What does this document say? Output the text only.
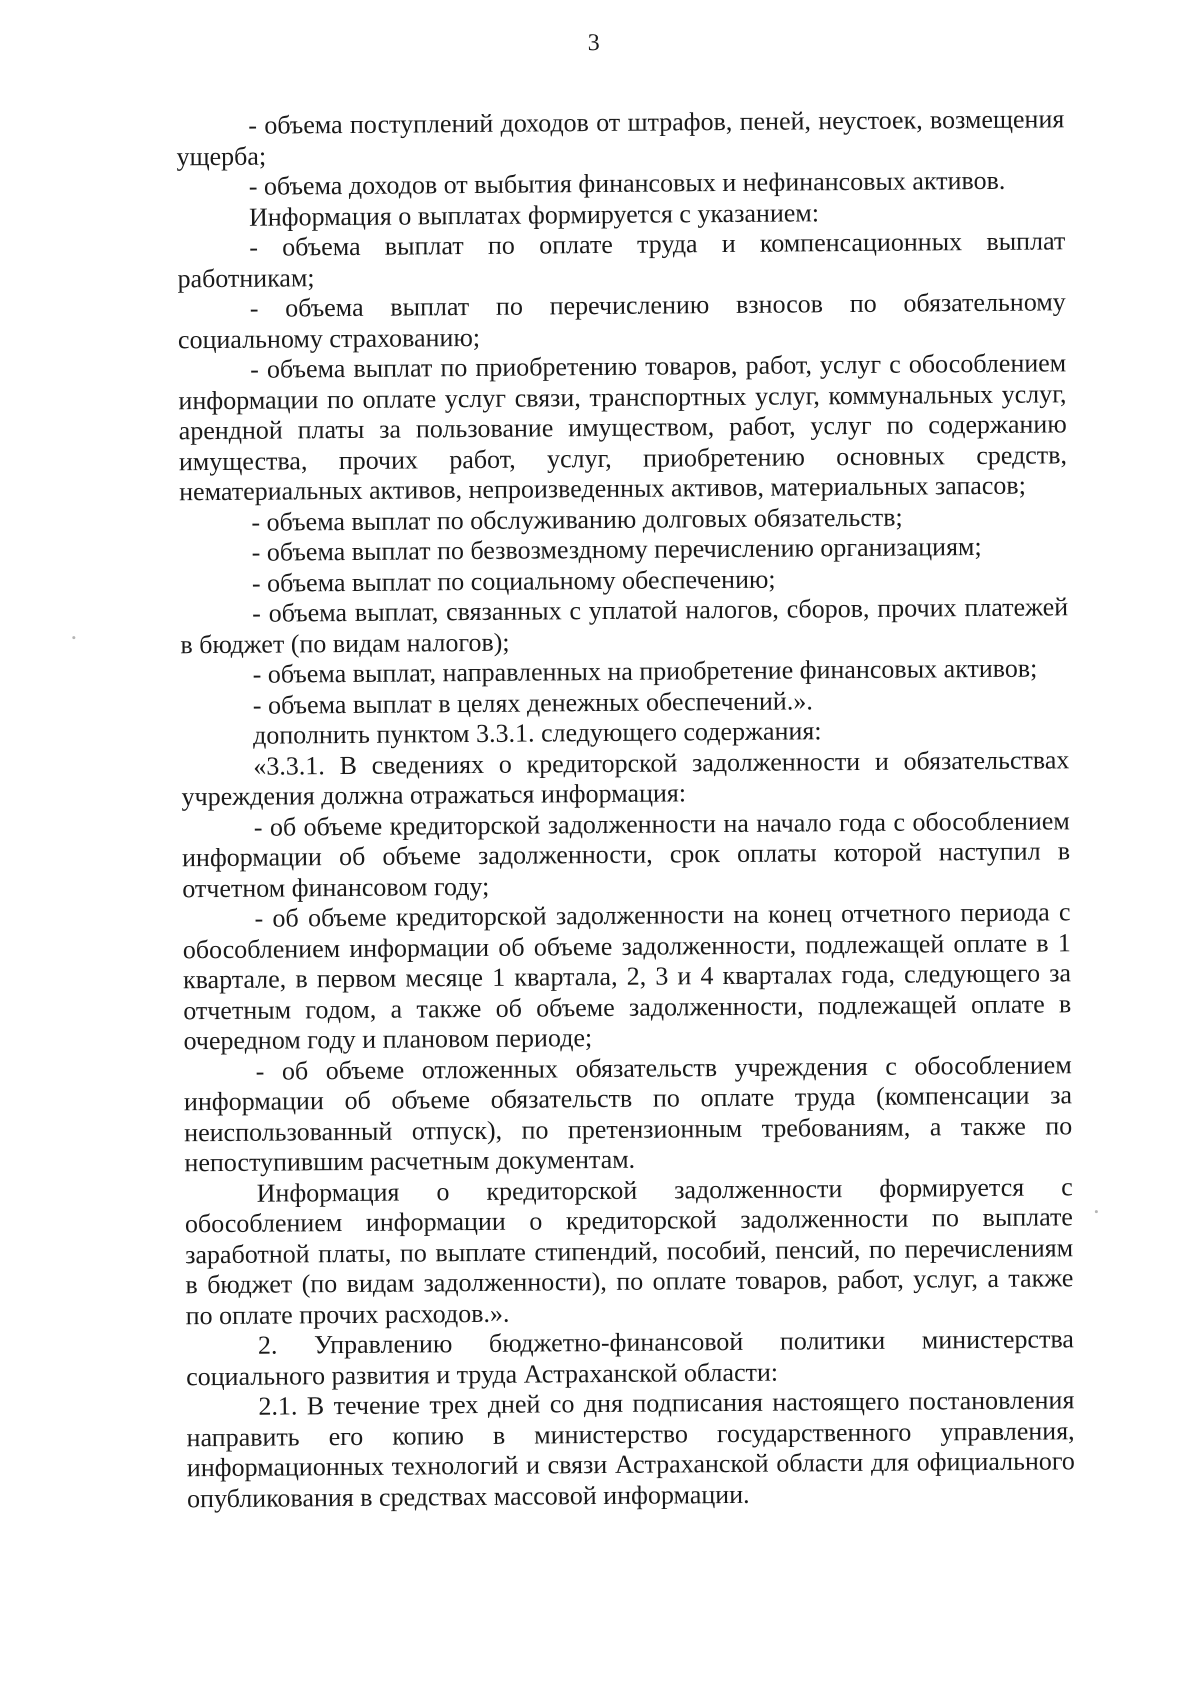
3

- объема поступлений доходов от штрафов, пеней, неустоек, возмещения ущерба;

- объема доходов от выбытия финансовых и нефинансовых активов.

Информация о выплатах формируется с указанием:

- объема выплат по оплате труда и компенсационных выплат работникам;

- объема выплат по перечислению взносов по обязательному социальному страхованию;

- объема выплат по приобретению товаров, работ, услуг с обособлением информации по оплате услуг связи, транспортных услуг, коммунальных услуг, арендной платы за пользование имуществом, работ, услуг по содержанию имущества, прочих работ, услуг, приобретению основных средств, нематериальных активов, непроизведенных активов, материальных запасов;

- объема выплат по обслуживанию долговых обязательств;

- объема выплат по безвозмездному перечислению организациям;

- объема выплат по социальному обеспечению;

- объема выплат, связанных с уплатой налогов, сборов, прочих платежей в бюджет (по видам налогов);

- объема выплат, направленных на приобретение финансовых активов;

- объема выплат в целях денежных обеспечений.».

дополнить пунктом 3.3.1. следующего содержания:

«3.3.1. В сведениях о кредиторской задолженности и обязательствах учреждения должна отражаться информация:

- об объеме кредиторской задолженности на начало года с обособлением информации об объеме задолженности, срок оплаты которой наступил в отчетном финансовом году;

- об объеме кредиторской задолженности на конец отчетного периода с обособлением информации об объеме задолженности, подлежащей оплате в 1 квартале, в первом месяце 1 квартала, 2, 3 и 4 кварталах года, следующего за отчетным годом, а также об объеме задолженности, подлежащей оплате в очередном году и плановом периоде;

- об объеме отложенных обязательств учреждения с обособлением информации об объеме обязательств по оплате труда (компенсации за неиспользованный отпуск), по претензионным требованиям, а также по непоступившим расчетным документам.

Информация о кредиторской задолженности формируется с обособлением информации о кредиторской задолженности по выплате заработной платы, по выплате стипендий, пособий, пенсий, по перечислениям в бюджет (по видам задолженности), по оплате товаров, работ, услуг, а также по оплате прочих расходов.».

2. Управлению бюджетно-финансовой политики министерства социального развития и труда Астраханской области:

2.1. В течение трех дней со дня подписания настоящего постановления направить его копию в министерство государственного управления, информационных технологий и связи Астраханской области для официального опубликования в средствах массовой информации.
